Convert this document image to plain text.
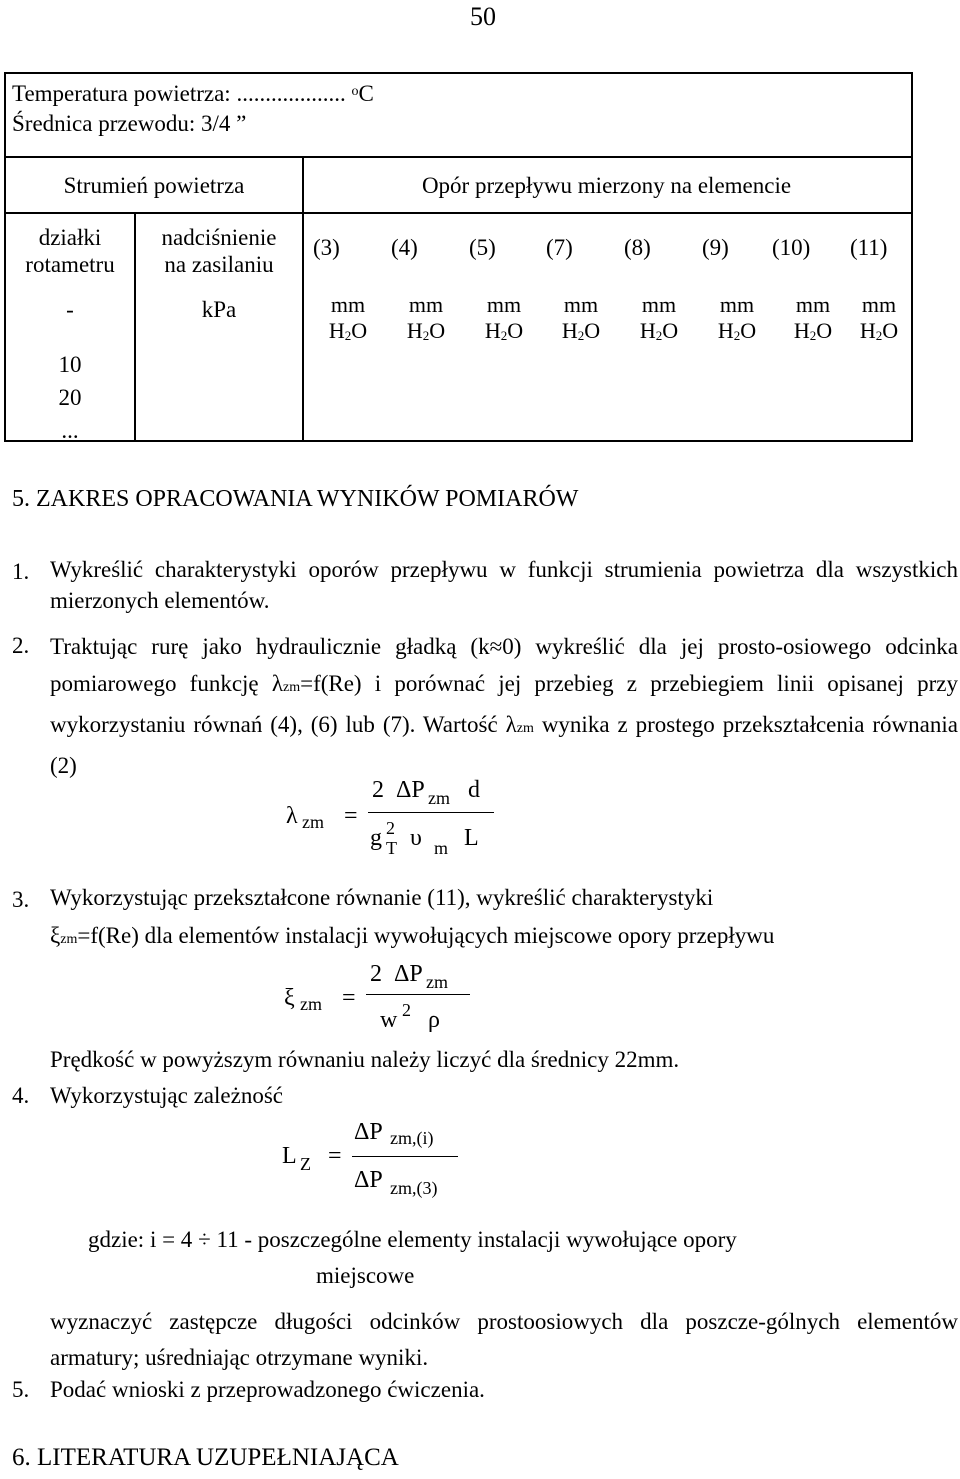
50
Temperatura powietrza: ................... $^o$C
Średnica przewodu: 3/4 ”
Strumień powietrza	Opór przepływu mierzony na elemencie
działki
rotametru
nadciśnienie
na zasilaniu
-	kPa
10
20
...
(3) (4) (5) (7) (8) (9) (10) (11)
mm
$H_2O$
mm
$H_2O$
mm
$H_2O$
mm
$H_2O$
mm
$H_2O$
mm
$H_2O$
mm
$H_2O$
mm
$H_2O$
5. ZAKRES OPRACOWANIA WYNIKÓW POMIARÓW
1. Wykreślić charakterystyki oporów przepływu w funkcji strumienia powietrza dla wszystkich mierzonych elementów.
2. Traktując rurę jako hydraulicznie gładką (k≈0) wykreślić dla jej prosto-osiowego odcinka pomiarowego funkcję λzm=f(Re) i porównać jej przebieg z przebiegiem linii opisanej przy wykorzystaniu równań (4), (6) lub (7). Wartość λzm wynika z prostego przekształcenia równania (2)
λ zm =
2 ΔP zm d
g 2
T υ m L
3. Wykorzystując przekształcone równanie (11), wykreślić charakterystyki
ξzm=f(Re) dla elementów instalacji wywołujących miejscowe opory przepływu
ξ zm =
2 ΔP zm
w 2 ρ
Prędkość w powyższym równaniu należy liczyć dla średnicy 22mm.
4. Wykorzystując zależność
L Z =
ΔP zm,(i)
ΔP zm,(3)
gdzie: i = 4 ÷ 11 - poszczególne elementy instalacji wywołujące opory
miejscowe
wyznaczyć zastępcze długości odcinków prostoosiowych dla poszcze-gólnych elementów armatury; uśredniając otrzymane wyniki.
5. Podać wnioski z przeprowadzonego ćwiczenia.
6. LITERATURA UZUPEŁNIAJĄCA
